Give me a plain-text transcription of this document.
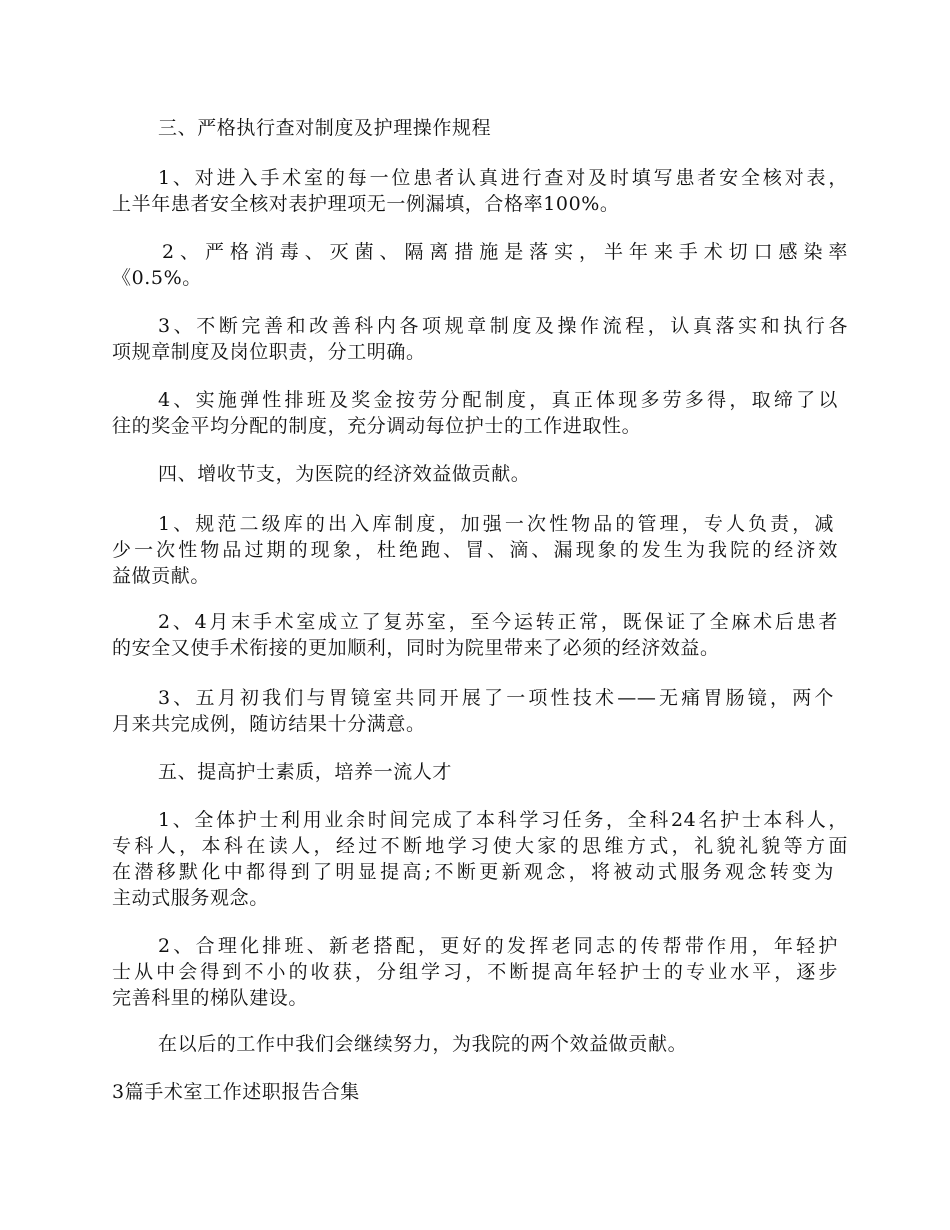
三、严格执行查对制度及护理操作规程
1、对进入手术室的每一位患者认真进行查对及时填写患者安全核对表，
上半年患者安全核对表护理项无一例漏填，合格率100%。
2、严格消毒、灭菌、隔离措施是落实，半年来手术切口感染率
《0.5%。
3、不断完善和改善科内各项规章制度及操作流程，认真落实和执行各
项规章制度及岗位职责，分工明确。
4、实施弹性排班及奖金按劳分配制度，真正体现多劳多得，取缔了以
往的奖金平均分配的制度，充分调动每位护士的工作进取性。
四、增收节支，为医院的经济效益做贡献。
1、规范二级库的出入库制度，加强一次性物品的管理，专人负责，减
少一次性物品过期的现象，杜绝跑、冒、滴、漏现象的发生为我院的经济效
益做贡献。
2、4月末手术室成立了复苏室，至今运转正常，既保证了全麻术后患者
的安全又使手术衔接的更加顺利，同时为院里带来了必须的经济效益。
3、五月初我们与胃镜室共同开展了一项性技术——无痛胃肠镜，两个
月来共完成例，随访结果十分满意。
五、提高护士素质，培养一流人才
1、全体护士利用业余时间完成了本科学习任务，全科24名护士本科人，
专科人，本科在读人，经过不断地学习使大家的思维方式，礼貌礼貌等方面
在潜移默化中都得到了明显提高;不断更新观念，将被动式服务观念转变为
主动式服务观念。
2、合理化排班、新老搭配，更好的发挥老同志的传帮带作用，年轻护
士从中会得到不小的收获，分组学习，不断提高年轻护士的专业水平，逐步
完善科里的梯队建设。
在以后的工作中我们会继续努力，为我院的两个效益做贡献。
3篇手术室工作述职报告合集
